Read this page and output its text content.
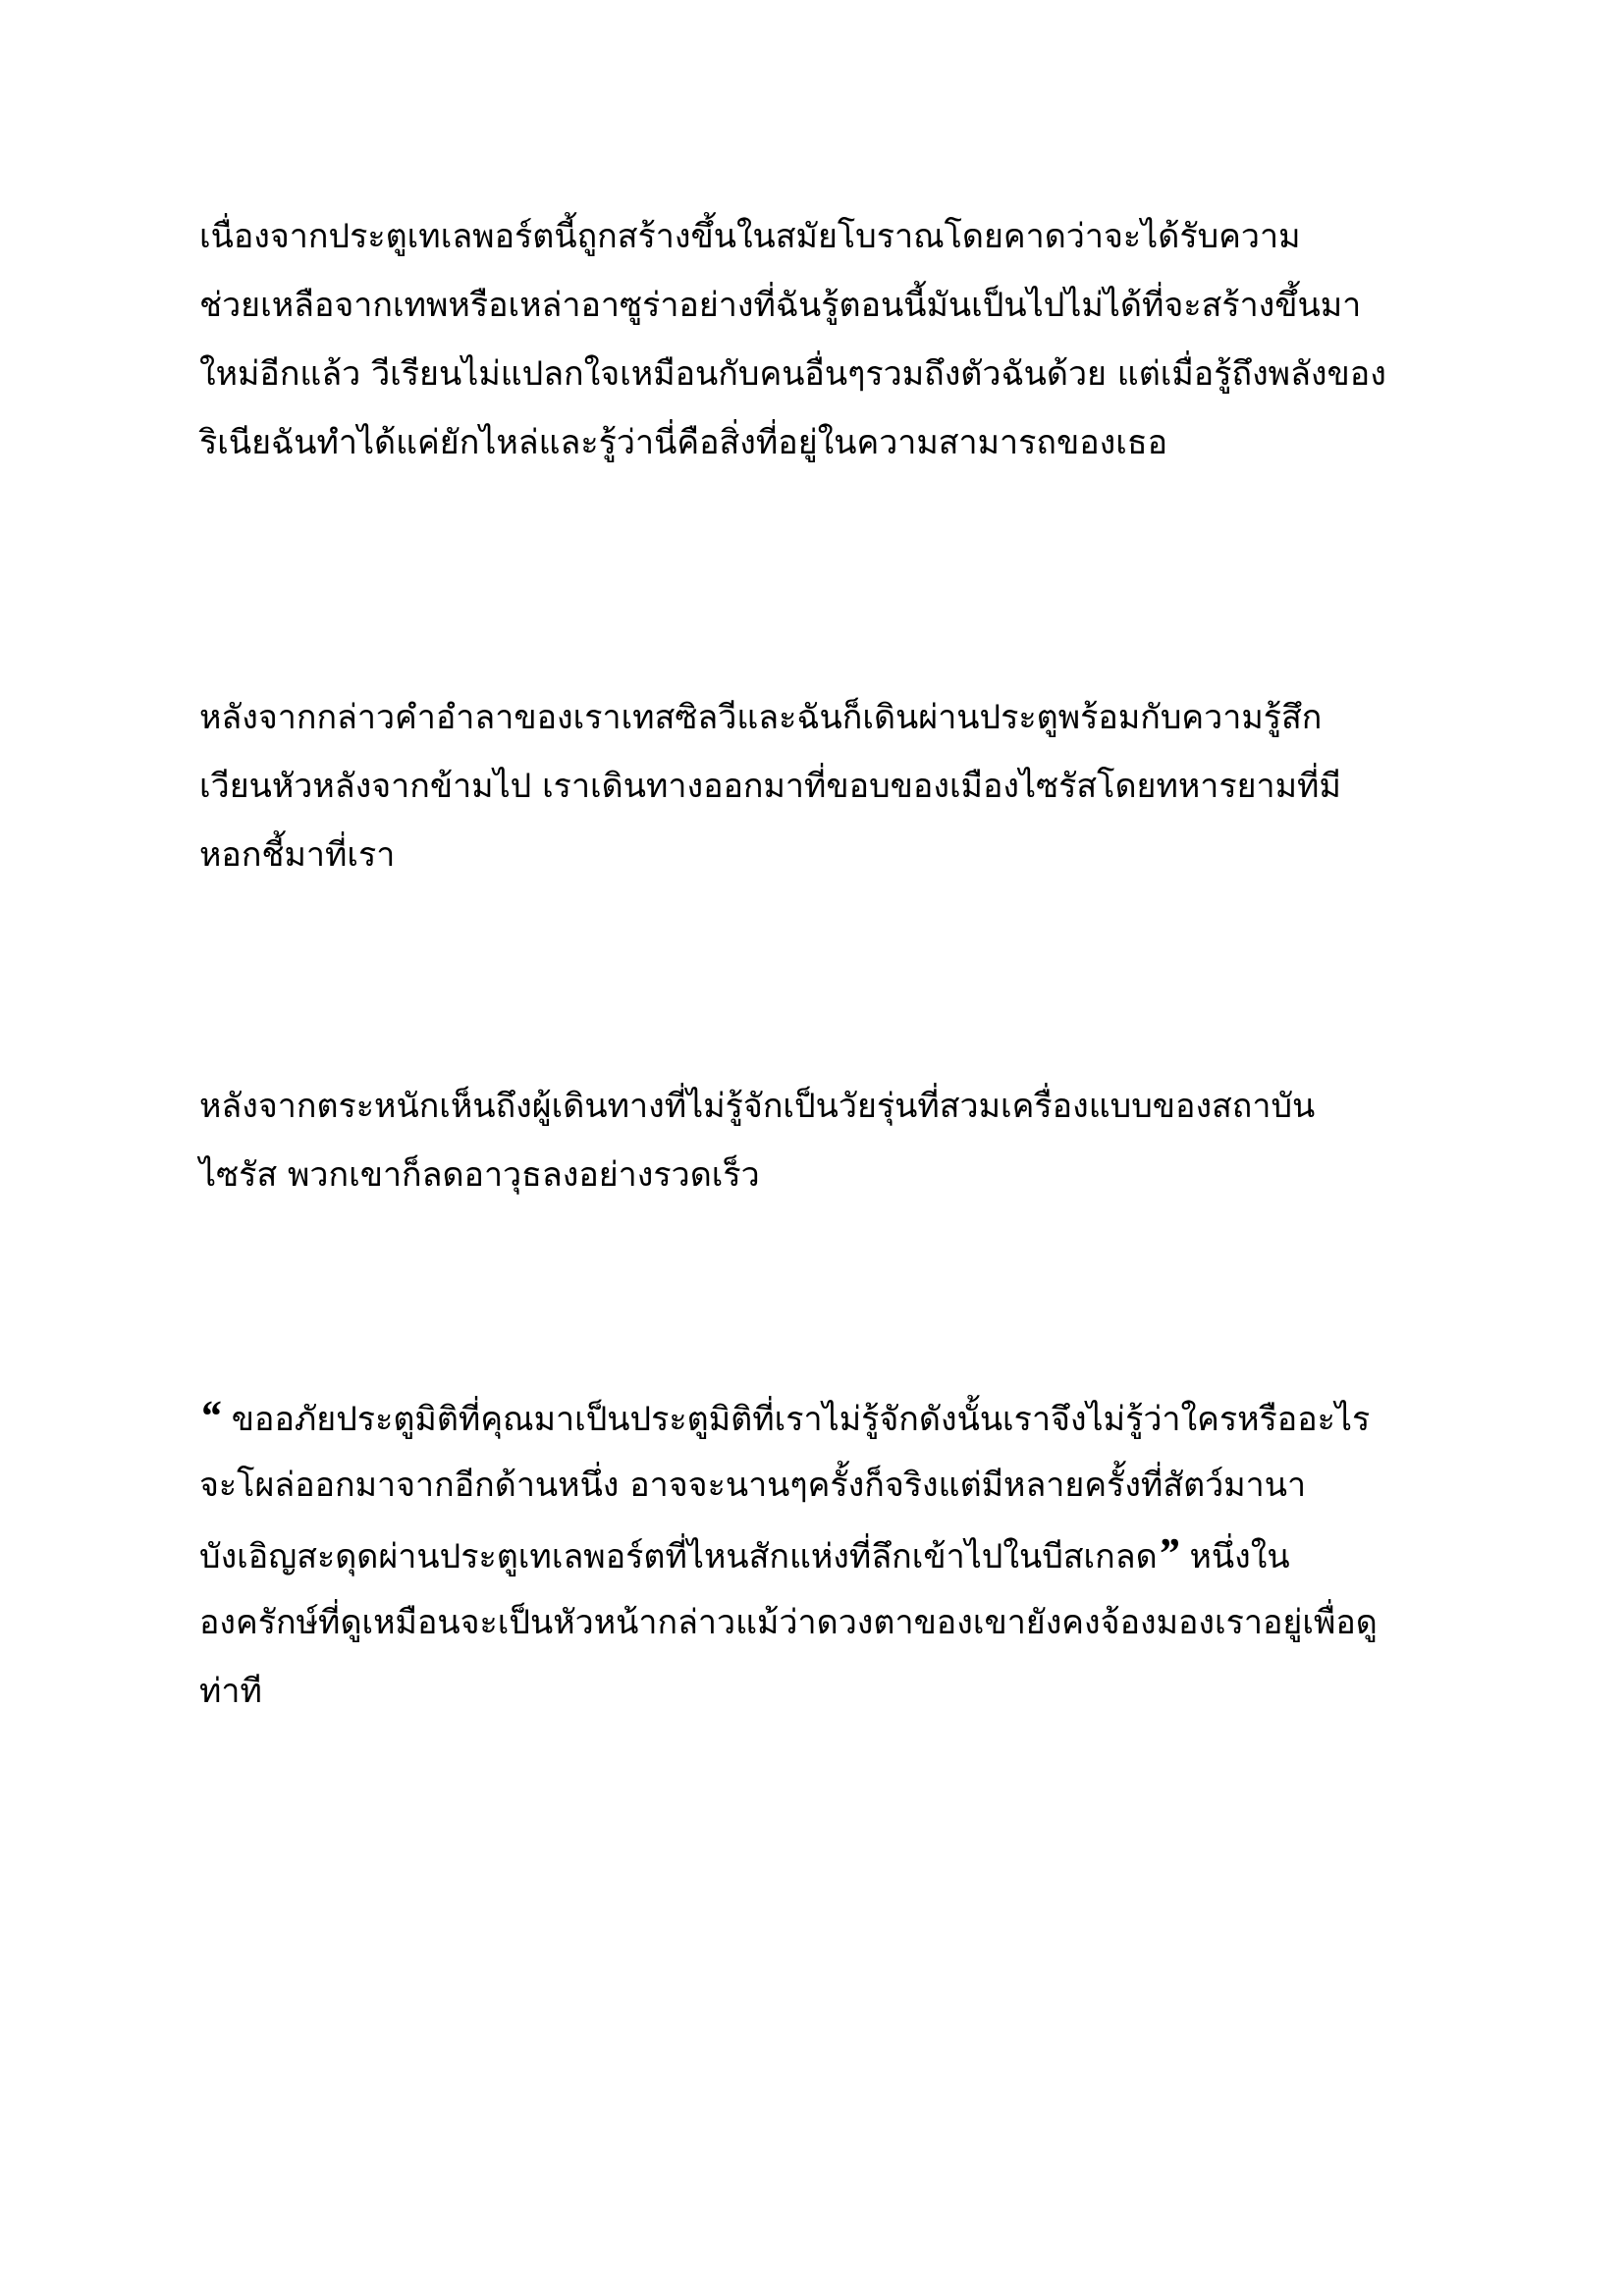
เนื่องจากประตูเทเลพอร์ตนี้ถูกสร้างขึ้นในสมัยโบราณโดยคาดว่าจะได้รับความ
ช่วยเหลือจากเทพหรือเหล่าอาซูร่าอย่างที่ฉันรู้ตอนนี้มันเป็นไปไม่ได้ที่จะสร้างขึ้นมา
ใหม่อีกแล้ว วีเรียนไม่แปลกใจเหมือนกับคนอื่นๆรวมถึงตัวฉันด้วย แต่เมื่อรู้ถึงพลังของ
ริเนียฉันทำได้แค่ยักไหล่และรู้ว่านี่คือสิ่งที่อยู่ในความสามารถของเธอ
หลังจากกล่าวคำอำลาของเราเทสซิลวีและฉันก็เดินผ่านประตูพร้อมกับความรู้สึก
เวียนหัวหลังจากข้ามไป เราเดินทางออกมาที่ขอบของเมืองไซรัสโดยทหารยามที่มี
หอกชี้มาที่เรา
หลังจากตระหนักเห็นถึงผู้เดินทางที่ไม่รู้จักเป็นวัยรุ่นที่สวมเครื่องแบบของสถาบัน
ไซรัส พวกเขาก็ลดอาวุธลงอย่างรวดเร็ว
“ ขออภัยประตูมิติที่คุณมาเป็นประตูมิติที่เราไม่รู้จักดังนั้นเราจึงไม่รู้ว่าใครหรืออะไร
จะโผล่ออกมาจากอีกด้านหนึ่ง อาจจะนานๆครั้งก็จริงแต่มีหลายครั้งที่สัตว์มานา
บังเอิญสะดุดผ่านประตูเทเลพอร์ตที่ไหนสักแห่งที่ลึกเข้าไปในบีสเกลด” หนึ่งใน
องครักษ์ที่ดูเหมือนจะเป็นหัวหน้ากล่าวแม้ว่าดวงตาของเขายังคงจ้องมองเราอยู่เพื่อดู
ท่าที
